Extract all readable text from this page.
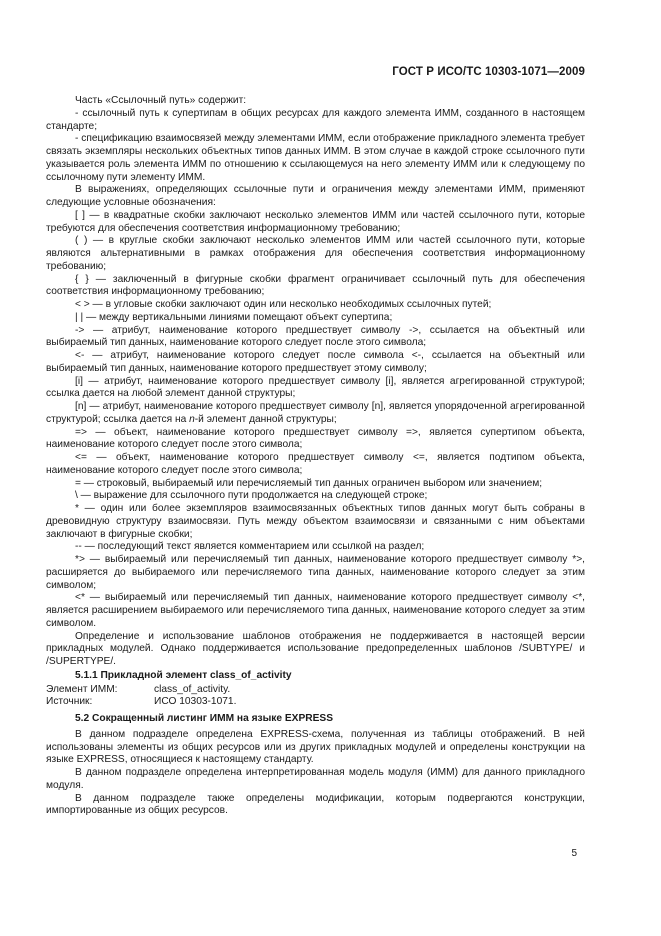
ГОСТ Р ИСО/ТС 10303-1071—2009

Часть «Ссылочный путь» содержит:

- ссылочный путь к супертипам в общих ресурсах для каждого элемента ИММ, созданного в настоящем стандарте;

- спецификацию взаимосвязей между элементами ИММ, если отображение прикладного элемента требует связать экземпляры нескольких объектных типов данных ИММ. В этом случае в каждой строке ссылочного пути указывается роль элемента ИММ по отношению к ссылающемуся на него элементу ИММ или к следующему по ссылочному пути элементу ИММ.

В выражениях, определяющих ссылочные пути и ограничения между элементами ИММ, применяют следующие условные обозначения:

[ ] — в квадратные скобки заключают несколько элементов ИММ или частей ссылочного пути, которые требуются для обеспечения соответствия информационному требованию;

( ) — в круглые скобки заключают несколько элементов ИММ или частей ссылочного пути, которые являются альтернативными в рамках отображения для обеспечения соответствия информационному требованию;

{ } — заключенный в фигурные скобки фрагмент ограничивает ссылочный путь для обеспечения соответствия информационному требованию;

< > — в угловые скобки заключают один или несколько необходимых ссылочных путей;

| | — между вертикальными линиями помещают объект супертипа;

-> — атрибут, наименование которого предшествует символу ->, ссылается на объектный или выбираемый тип данных, наименование которого следует после этого символа;

<- — атрибут, наименование которого следует после символа <-, ссылается на объектный или выбираемый тип данных, наименование которого предшествует этому символу;

[i] — атрибут, наименование которого предшествует символу [i], является агрегированной структурой; ссылка дается на любой элемент данной структуры;

[n] — атрибут, наименование которого предшествует символу [n], является упорядоченной агрегированной структурой; ссылка дается на n-й элемент данной структуры;

=> — объект, наименование которого предшествует символу =>, является супертипом объекта, наименование которого следует после этого символа;

<= — объект, наименование которого предшествует символу <=, является подтипом объекта, наименование которого следует после этого символа;

= — строковый, выбираемый или перечисляемый тип данных ограничен выбором или значением;

\ — выражение для ссылочного пути продолжается на следующей строке;

* — один или более экземпляров взаимосвязанных объектных типов данных могут быть собраны в древовидную структуру взаимосвязи. Путь между объектом взаимосвязи и связанными с ним объектами заключают в фигурные скобки;

-- — последующий текст является комментарием или ссылкой на раздел;

*> — выбираемый или перечисляемый тип данных, наименование которого предшествует символу *>, расширяется до выбираемого или перечисляемого типа данных, наименование которого следует за этим символом;

<* — выбираемый или перечисляемый тип данных, наименование которого предшествует символу <*, является расширением выбираемого или перечисляемого типа данных, наименование которого следует за этим символом.

Определение и использование шаблонов отображения не поддерживается в настоящей версии прикладных модулей. Однако поддерживается использование предопределенных шаблонов /SUBTYPE/ и /SUPERTYPE/.

5.1.1 Прикладной элемент class_of_activity

Элемент ИММ:	class_of_activity.
Источник:	ИСО 10303-1071.

5.2 Сокращенный листинг ИММ на языке EXPRESS

В данном подразделе определена EXPRESS-схема, полученная из таблицы отображений. В ней использованы элементы из общих ресурсов или из других прикладных модулей и определены конструкции на языке EXPRESS, относящиеся к настоящему стандарту.

В данном подразделе определена интерпретированная модель модуля (ИММ) для данного прикладного модуля.

В данном подразделе также определены модификации, которым подвергаются конструкции, импортированные из общих ресурсов.

5
